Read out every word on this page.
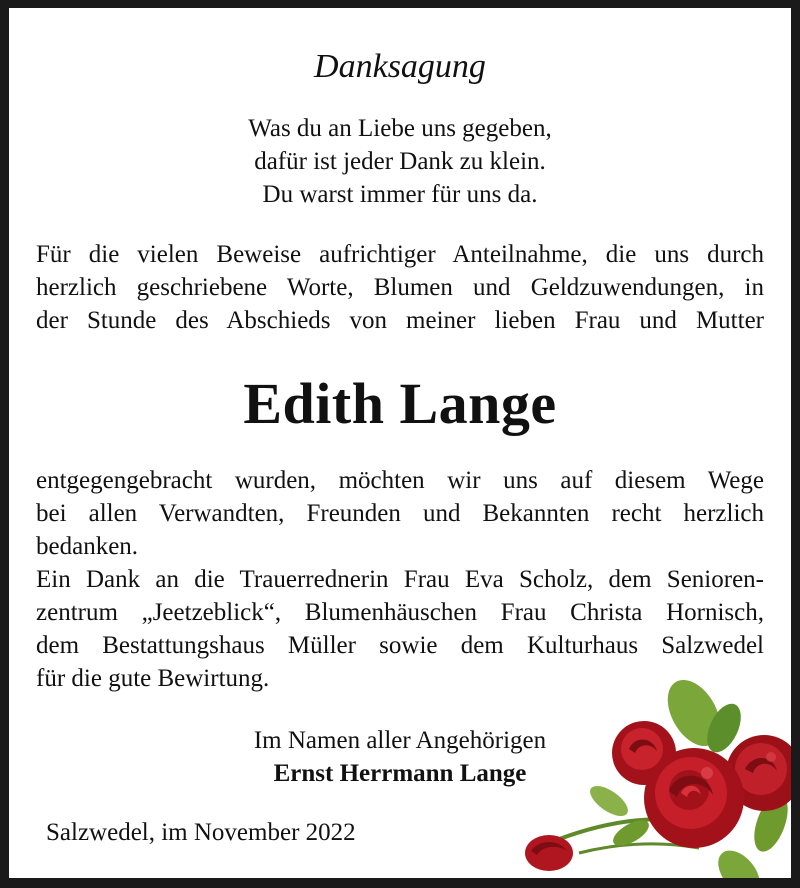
Danksagung
Was du an Liebe uns gegeben,
dafür ist jeder Dank zu klein.
Du warst immer für uns da.
Für die vielen Beweise aufrichtiger Anteilnahme, die uns durch
herzlich geschriebene Worte, Blumen und Geldzuwendungen, in
der Stunde des Abschieds von meiner lieben Frau und Mutter
Edith Lange
entgegengebracht wurden, möchten wir uns auf diesem Wege
bei allen Verwandten, Freunden und Bekannten recht herzlich
bedanken.
Ein Dank an die Trauerrednerin Frau Eva Scholz, dem Senioren-
zentrum „Jeetzeblick“, Blumenhäuschen Frau Christa Hornisch,
dem Bestattungshaus Müller sowie dem Kulturhaus Salzwedel
für die gute Bewirtung.
Im Namen aller Angehörigen
Ernst Herrmann Lange
Salzwedel, im November 2022
